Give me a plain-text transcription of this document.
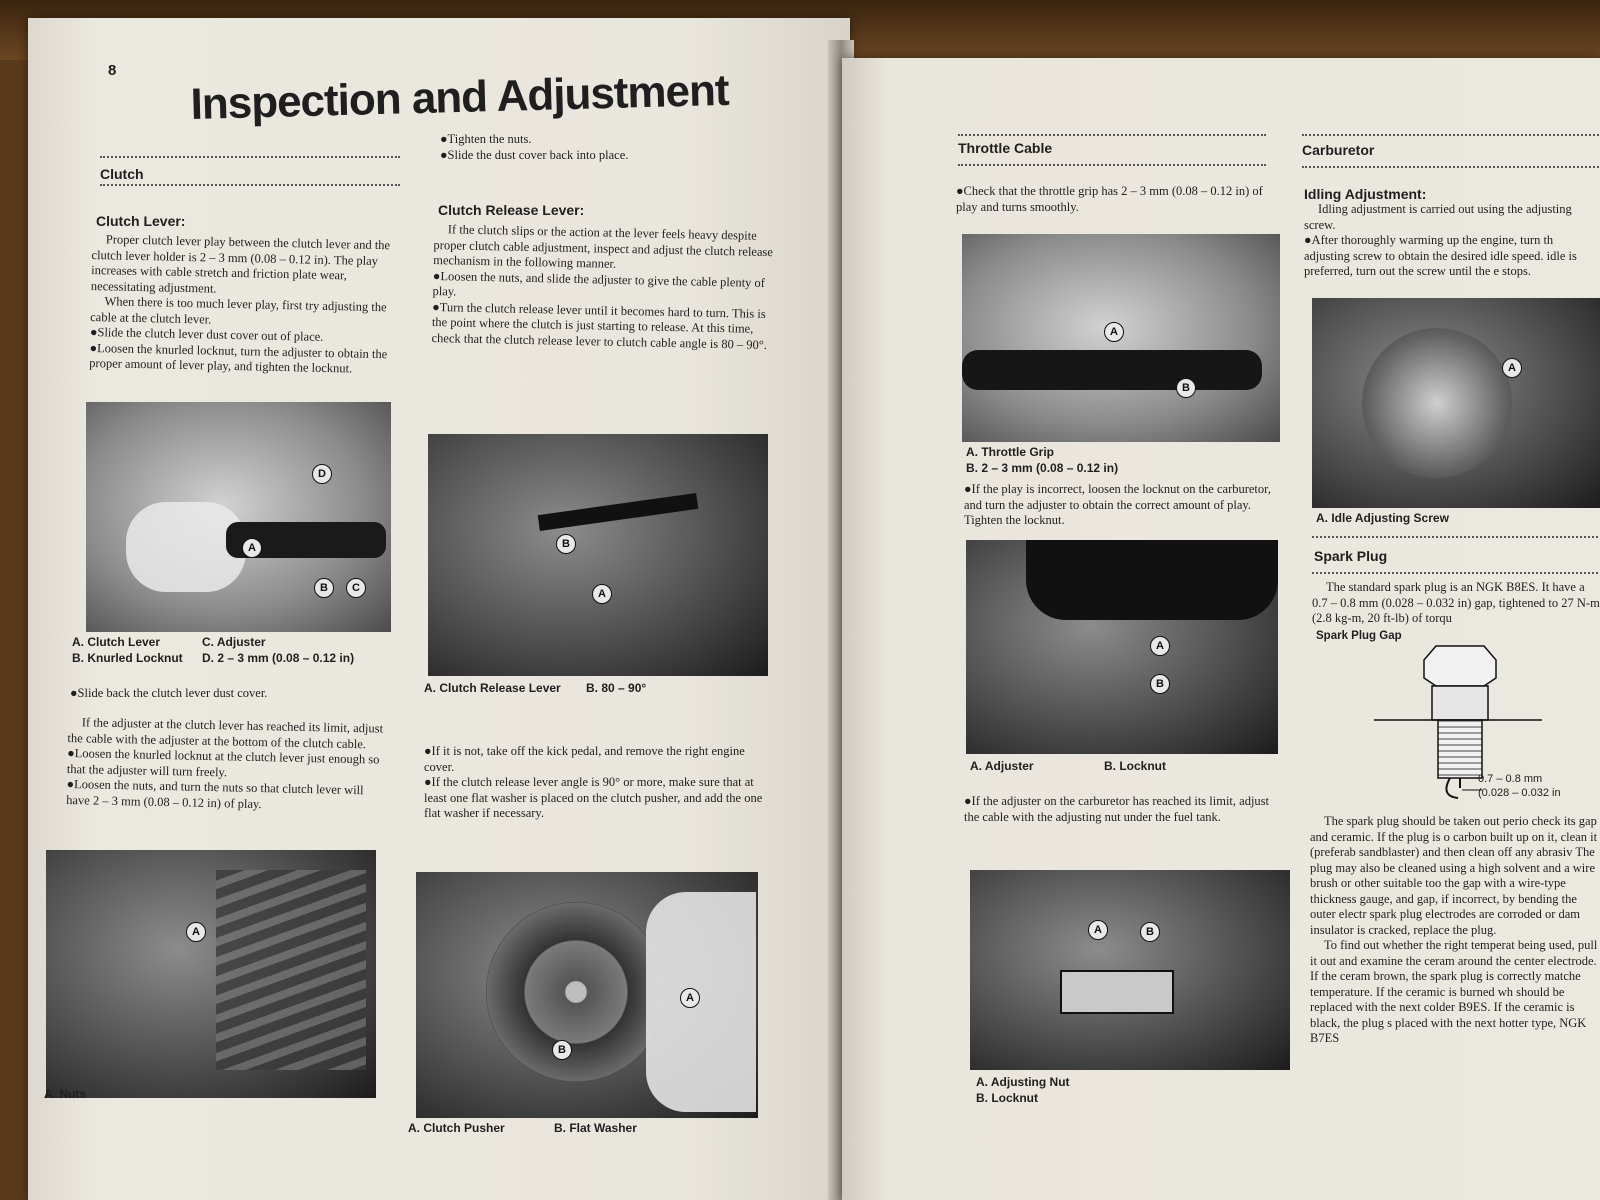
8 Inspection and Adjustment
Clutch
Clutch Lever:

Proper clutch lever play between the clutch lever and the clutch lever holder is 2 – 3 mm (0.08 – 0.12 in). The play increases with cable stretch and friction plate wear, necessitating adjustment.

When there is too much lever play, first try adjusting the cable at the clutch lever.

●Slide the clutch lever dust cover out of place.

●Loosen the knurled locknut, turn the adjuster to obtain the proper amount of lever play, and tighten the locknut.

A
B	C
D
A. Clutch Lever	C. Adjuster
B. Knurled Locknut D. 2 – 3 mm (0.08 – 0.12 in)
●Slide back the clutch lever dust cover.

If the adjuster at the clutch lever has reached its limit, adjust the cable with the adjuster at the bottom of the clutch cable.

●Loosen the knurled locknut at the clutch lever just enough so that the adjuster will turn freely.

●Loosen the nuts, and turn the nuts so that clutch lever will have 2 – 3 mm (0.08 – 0.12 in) of play.

A
A. Nuts

●Tighten the nuts.

●Slide the dust cover back into place.

Clutch Release Lever:

If the clutch slips or the action at the lever feels heavy despite proper clutch cable adjustment, inspect and adjust the clutch release mechanism in the following manner.

●Loosen the nuts, and slide the adjuster to give the cable plenty of play.

●Turn the clutch release lever until it becomes hard to turn. This is the point where the clutch is just starting to release. At this time, check that the clutch release lever to clutch cable angle is 80 – 90°.

B
A
A. Clutch Release Lever B. 80 – 90°

●If it is not, take off the kick pedal, and remove the right engine cover.

●If the clutch release lever angle is 90° or more, make sure that at least one flat washer is placed on the clutch pusher, and add the one flat washer if necessary.

A
B
A. Clutch Pusher	B. Flat Washer
Throttle Cable
●Check that the throttle grip has 2 – 3 mm (0.08 – 0.12 in) of play and turns smoothly.
A
B
A. Throttle Grip
B. 2 – 3 mm (0.08 – 0.12 in)
●If the play is incorrect, loosen the locknut on the carburetor, and turn the adjuster to obtain the correct amount of play. Tighten the locknut.
A
B
A. Adjuster	B. Locknut
●If the adjuster on the carburetor has reached its limit, adjust the cable with the adjusting nut under the fuel tank.
A	B
A. Adjusting Nut
B. Locknut
Carburetor
Idling Adjustment:

Idling adjustment is carried out using the adjusting screw.

●After thoroughly warming up the engine, turn th adjusting screw to obtain the desired idle speed. idle is preferred, turn out the screw until the e stops.

A
A. Idle Adjusting Screw
Spark Plug
The standard spark plug is an NGK B8ES. It have a 0.7 – 0.8 mm (0.028 – 0.032 in) gap, tightened to 27 N-m (2.8 kg-m, 20 ft-lb) of torqu
Spark Plug Gap
0.7 – 0.8 mm
(0.028 – 0.032 in

The spark plug should be taken out perio check its gap and ceramic. If the plug is o carbon built up on it, clean it (preferab sandblaster) and then clean off any abrasiv The plug may also be cleaned using a high solvent and a wire brush or other suitable too the gap with a wire-type thickness gauge, and gap, if incorrect, by bending the outer electr spark plug electrodes are corroded or dam insulator is cracked, replace the plug.

To find out whether the right temperat being used, pull it out and examine the ceram around the center electrode. If the ceram brown, the spark plug is correctly matche temperature. If the ceramic is burned wh should be replaced with the next colder B9ES. If the ceramic is black, the plug s placed with the next hotter type, NGK B7ES
